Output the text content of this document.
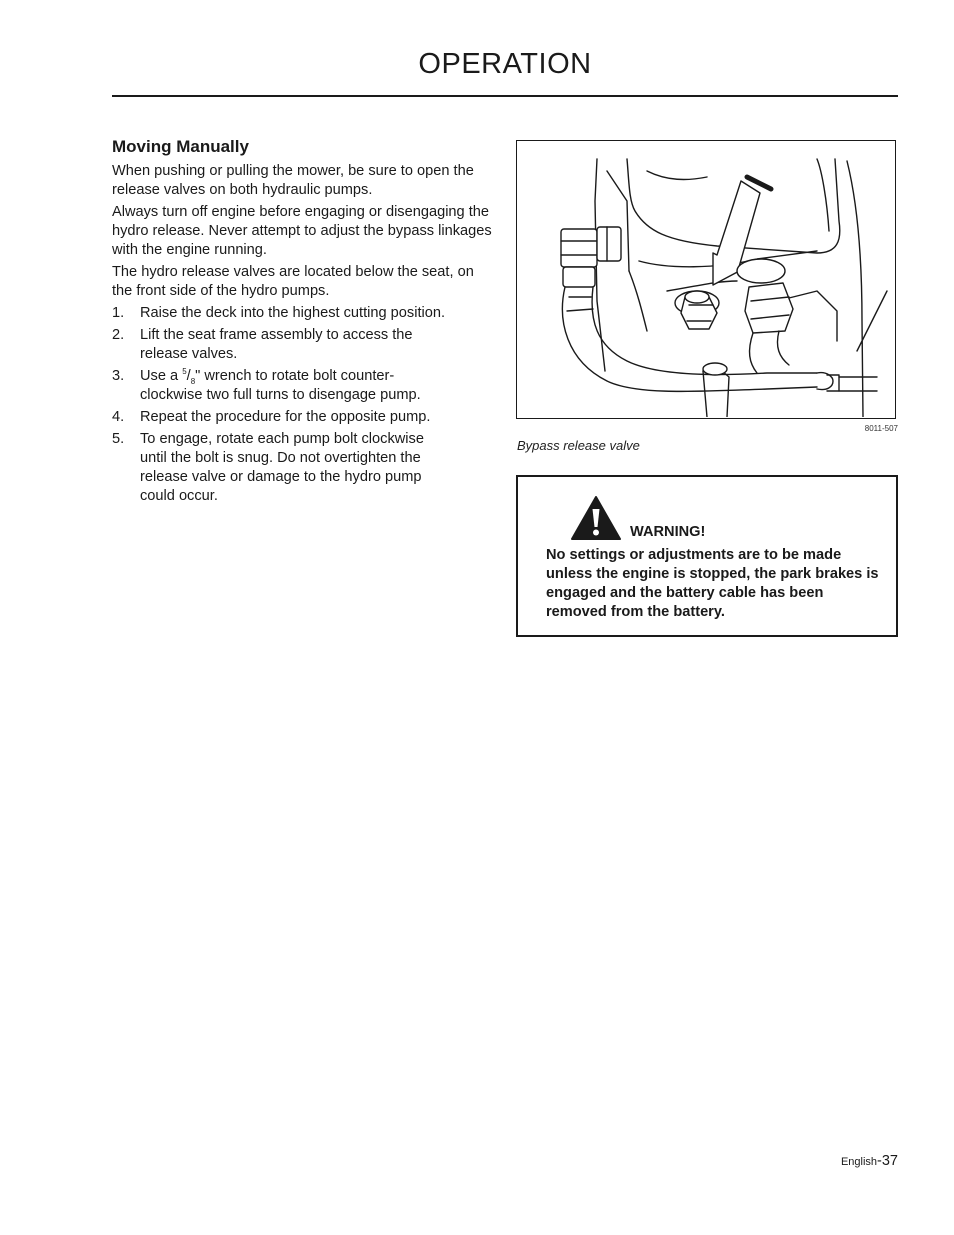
OPERATION
Moving Manually

When pushing or pulling the mower, be sure to open the release valves on both hydraulic pumps.

Always turn off engine before engaging or disengaging the hydro release. Never attempt to adjust the bypass linkages with the engine running.

The hydro release valves are located below the seat, on the front side of the hydro pumps.

1.	Raise the deck into the highest cutting position.
2.	Lift the seat frame assembly to access the release valves.
3.	Use a $^5/_8$" wrench to rotate bolt counter-clockwise two full turns to disengage pump.
4.	Repeat the procedure for the opposite pump.
5.	To engage, rotate each pump bolt clockwise until the bolt is snug. Do not overtighten the release valve or damage to the hydro pump could occur.
8011-507
Bypass release valve
WARNING!
No settings or adjustments are to be made unless the engine is stopped, the park brakes is engaged and the battery cable has been removed from the battery.
English-37
